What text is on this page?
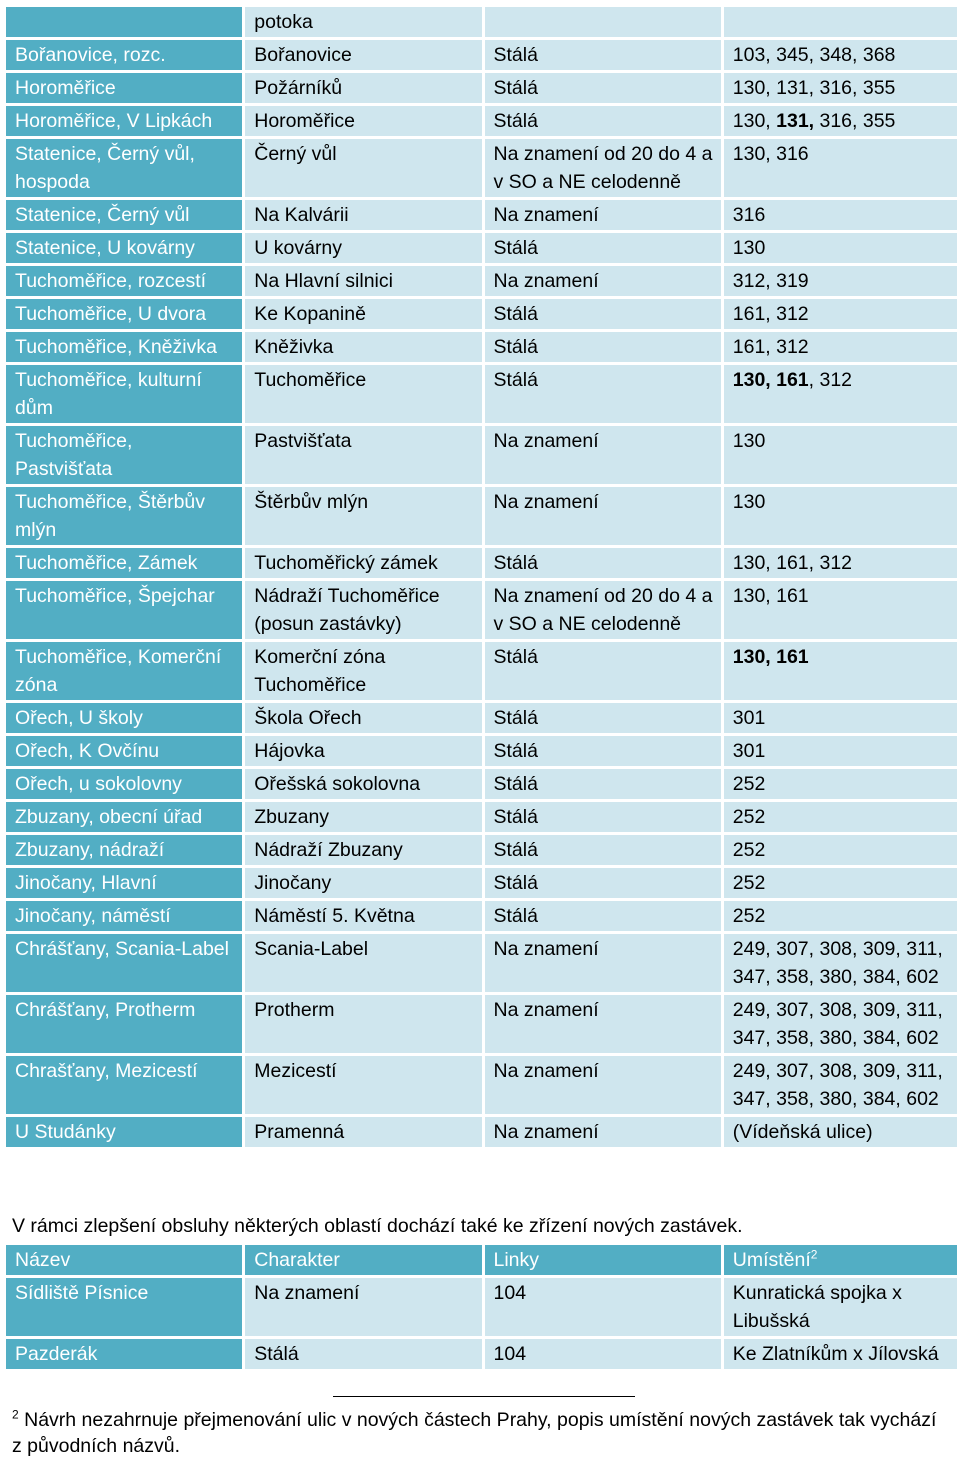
	potoka		
Bořanovice, rozc.	Bořanovice	Stálá	103, 345, 348, 368
Horoměřice	Požárníků	Stálá	130, 131, 316, 355
Horoměřice, V Lipkách	Horoměřice	Stálá	130, 131, 316, 355
Statenice, Černý vůl, hospoda	Černý vůl	Na znamení od 20 do 4 a v SO a NE celodenně	130, 316
Statenice, Černý vůl	Na Kalvárii	Na znamení	316
Statenice, U kovárny	U kovárny	Stálá	130
Tuchoměřice, rozcestí	Na Hlavní silnici	Na znamení	312, 319
Tuchoměřice, U dvora	Ke Kopanině	Stálá	161, 312
Tuchoměřice, Kněživka	Kněživka	Stálá	161, 312
Tuchoměřice, kulturní dům	Tuchoměřice	Stálá	130, 161, 312
Tuchoměřice, Pastvišťata	Pastvišťata	Na znamení	130
Tuchoměřice, Štěrbův mlýn	Štěrbův mlýn	Na znamení	130
Tuchoměřice, Zámek	Tuchoměřický zámek	Stálá	130, 161, 312
Tuchoměřice, Špejchar	Nádraží Tuchoměřice (posun zastávky)	Na znamení od 20 do 4 a v SO a NE celodenně	130, 161
Tuchoměřice, Komerční zóna	Komerční zóna Tuchoměřice	Stálá	130, 161
Ořech, U školy	Škola Ořech	Stálá	301
Ořech, K Ovčínu	Hájovka	Stálá	301
Ořech, u sokolovny	Ořešská sokolovna	Stálá	252
Zbuzany, obecní úřad	Zbuzany	Stálá	252
Zbuzany, nádraží	Nádraží Zbuzany	Stálá	252
Jinočany, Hlavní	Jinočany	Stálá	252
Jinočany, náměstí	Náměstí 5. Května	Stálá	252
Chrášťany, Scania-Label	Scania-Label	Na znamení	249, 307, 308, 309, 311, 347, 358, 380, 384, 602
Chrášťany, Protherm	Protherm	Na znamení	249, 307, 308, 309, 311, 347, 358, 380, 384, 602
Chrašťany, Mezicestí	Mezicestí	Na znamení	249, 307, 308, 309, 311, 347, 358, 380, 384, 602
U Studánky	Pramenná	Na znamení	(Vídeňská ulice)
V rámci zlepšení obsluhy některých oblastí dochází také ke zřízení nových zastávek.
Název	Charakter	Linky	Umístění$^2$
Sídliště Písnice	Na znamení	104	Kunratická spojka x Libušská
Pazderák	Stálá	104	Ke Zlatníkům x Jílovská
$^2$ Návrh nezahrnuje přejmenování ulic v nových částech Prahy, popis umístění nových zastávek tak vychází z původních názvů.
